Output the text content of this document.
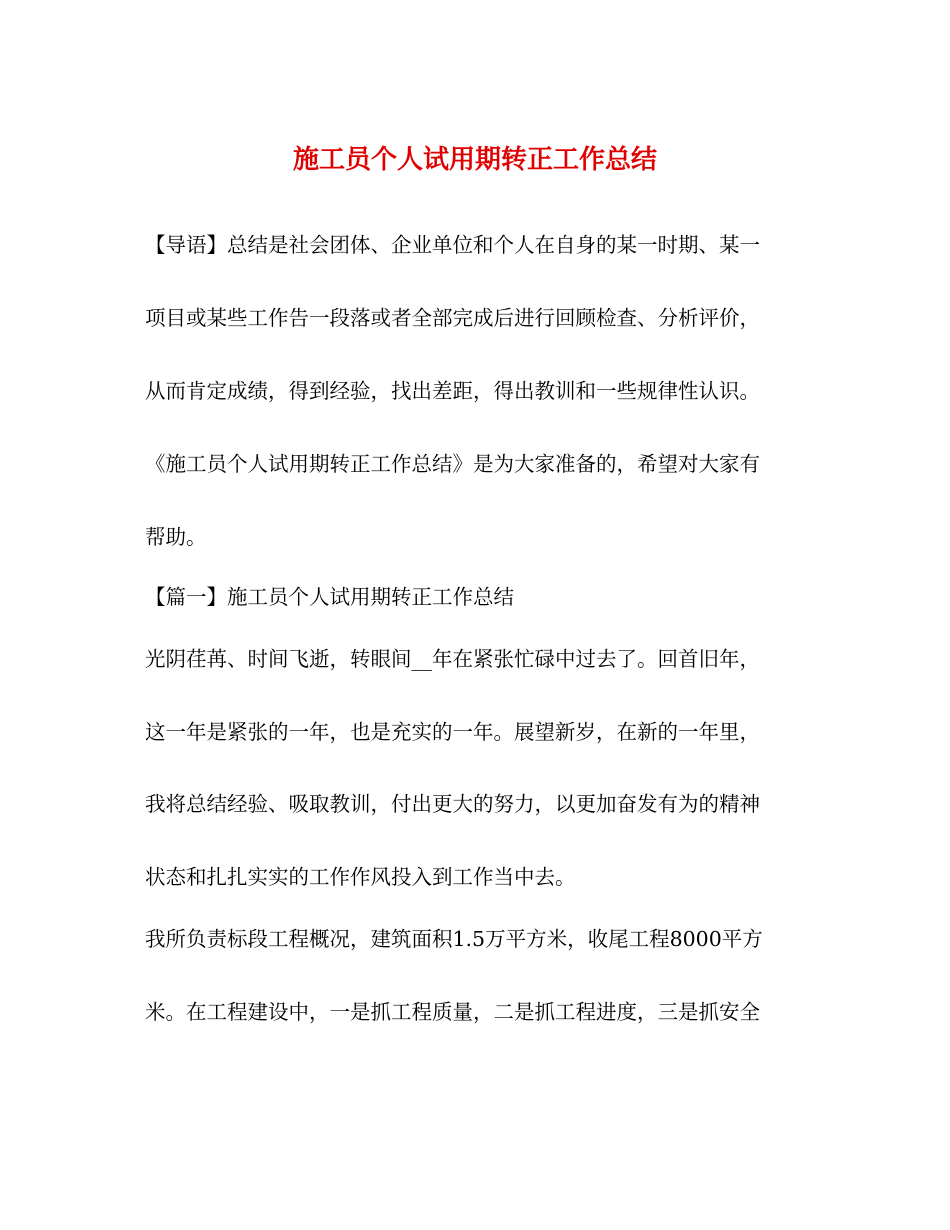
施工员个人试用期转正工作总结

【导语】总结是社会团体、企业单位和个人在自身的某一时期、某一

项目或某些工作告一段落或者全部完成后进行回顾检查、分析评价，

从而肯定成绩，得到经验，找出差距，得出教训和一些规律性认识。

《施工员个人试用期转正工作总结》是为大家准备的，希望对大家有

帮助。

【篇一】施工员个人试用期转正工作总结

光阴荏苒、时间飞逝，转眼间__年在紧张忙碌中过去了。回首旧年，

这一年是紧张的一年，也是充实的一年。展望新岁，在新的一年里，

我将总结经验、吸取教训，付出更大的努力，以更加奋发有为的精神

状态和扎扎实实的工作作风投入到工作当中去。

我所负责标段工程概况，建筑面积1.5万平方米，收尾工程8000平方

米。在工程建设中，一是抓工程质量，二是抓工程进度，三是抓安全
